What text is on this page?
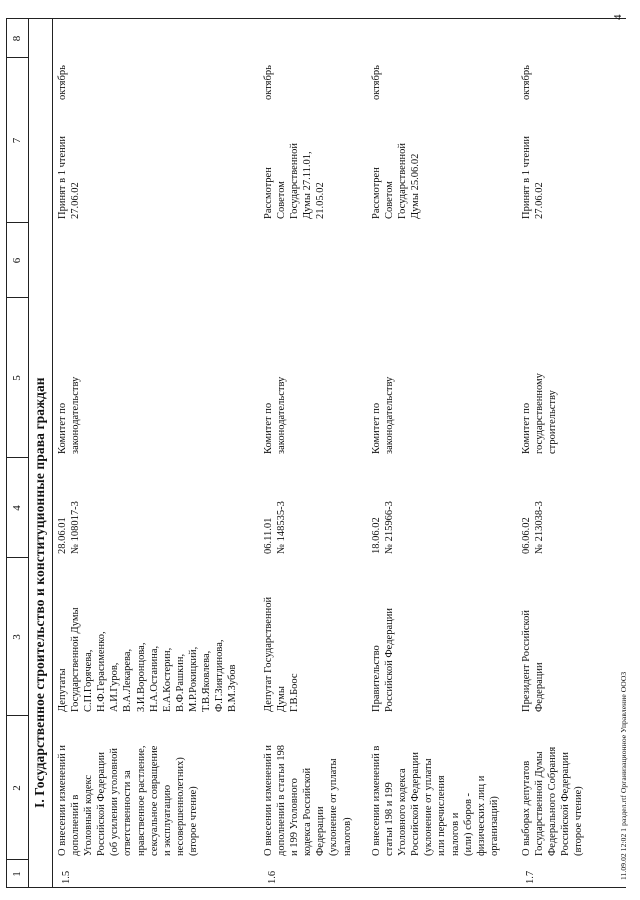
1
2
3
4
5
6
7
8
I. Государственное строительство и конституционные права граждан
1.5
О внесении изменений и
дополнений в
Уголовный кодекс
Российской Федерации
(об усилении уголовной
ответственности за
нравственное растление,
сексуальное совращение
и эксплуатацию
несовершеннолетних)
(второе чтение)
Депутаты
Государственной Думы
С.П.Горячева,
Н.Ф.Герасименко,
А.И.Гуров,
В.А.Лекарева,
З.И.Воронцова,
Н.А.Останина,
Е.А.Костерин,
В.Ф.Рашкин,
М.Р.Рокицкий,
Т.В.Яковлева,
Ф.Г.Зиятдинова,
В.М.Зубов
28.06.01
№ 108017-3
Комитет по
законодательству
Принят в 1 чтении
27.06.02
октябрь
1.6
О внесении изменений и
дополнений в статьи 198
и 199 Уголовного
кодекса Российской
Федерации
(уклонение от уплаты
налогов)
Депутат Государственной
Думы
Г.В.Боос
06.11.01
№ 148535-3
Комитет по
законодательству
Рассмотрен
Советом
Государственной
Думы 27.11.01,
21.05.02
октябрь
О внесении изменений в
статьи 198 и 199
Уголовного кодекса
Российской Федерации
(уклонение от уплаты
или перечисления
налогов и
(или) сборов -
физических лиц и
организаций)
Правительство
Российской Федерации
18.06.02
№ 215966-3
Комитет по
законодательству
Рассмотрен
Советом
Государственной
Думы 25.06.02
октябрь
1.7
О выборах депутатов
Государственной Думы
Федерального Собрания
Российской Федерации
(второе чтение)
Президент Российской
Федерации
06.06.02
№ 213038-3
Комитет по
государственному
строительству
Принят в 1 чтении
27.06.02
октябрь
11.09.02 12:02 1 раздел.rtf Организационное Управление ООО3
4
